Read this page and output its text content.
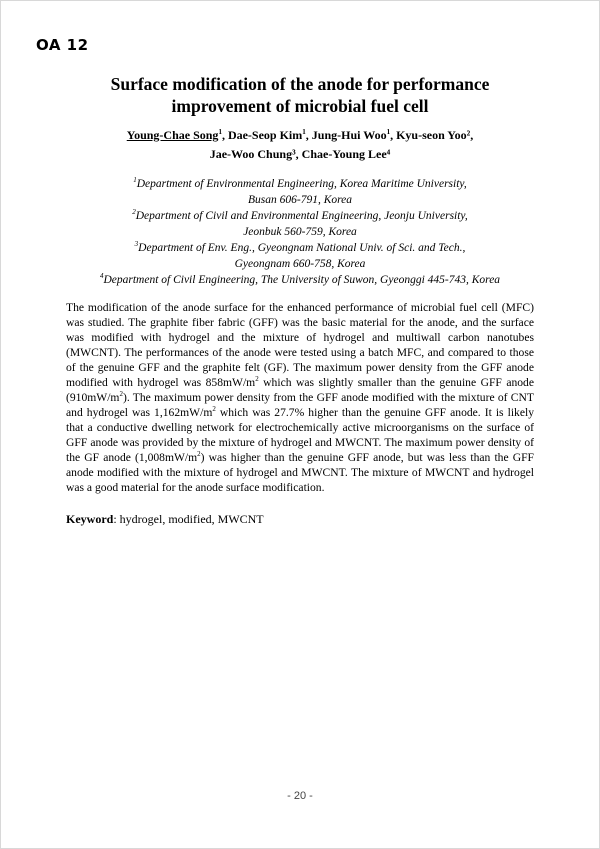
OA 12
Surface modification of the anode for performance
improvement of microbial fuel cell
Young-Chae Song$^1$, Dae-Seop Kim$^1$, Jung-Hui Woo$^1$, Kyu-seon Yoo²,
Jae-Woo Chung³, Chae-Young Lee⁴
$^1$Department of Environmental Engineering, Korea Maritime University,
Busan 606-791, Korea
$^2$Department of Civil and Environmental Engineering, Jeonju University,
Jeonbuk 560-759, Korea
$^3$Department of Env. Eng., Gyeongnam National Univ. of Sci. and Tech.,
Gyeongnam 660-758, Korea
$^4$Department of Civil Engineering, The University of Suwon, Gyeonggi 445-743, Korea
The modification of the anode surface for the enhanced performance of microbial fuel cell (MFC) was studied. The graphite fiber fabric (GFF) was the basic material for the anode, and the surface was modified with hydrogel and the mixture of hydrogel and multiwall carbon nanotubes (MWCNT). The performances of the anode were tested using a batch MFC, and compared to those of the genuine GFF and the graphite felt (GF). The maximum power density from the GFF anode modified with hydrogel was $858mW/m^2$ which was slightly smaller than the genuine GFF anode $(910mW/m^2)$. The maximum power density from the GFF anode modified with the mixture of CNT and hydrogel was $1,162mW/m^2$ which was 27.7% higher than the genuine GFF anode. It is likely that a conductive dwelling network for electrochemically active microorganisms on the surface of GFF anode was provided by the mixture of hydrogel and MWCNT. The maximum power density of the GF anode $(1,008mW/m^2)$ was higher than the genuine GFF anode, but was less than the GFF anode modified with the mixture of hydrogel and MWCNT. The mixture of MWCNT and hydrogel was a good material for the anode surface modification.
Keyword: hydrogel, modified, MWCNT
- 20 -
